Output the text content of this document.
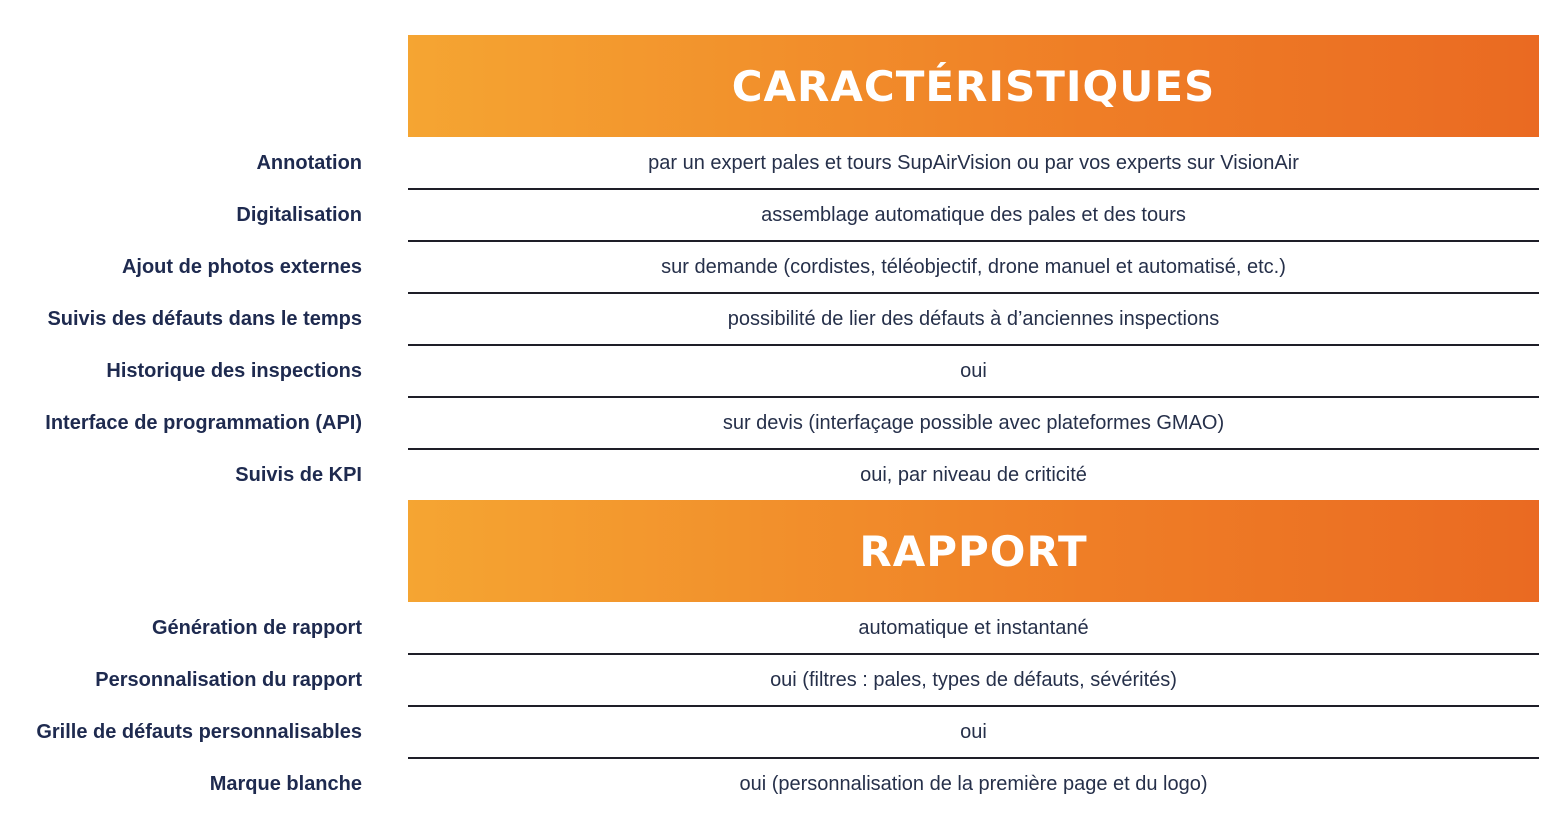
CARACTÉRISTIQUES
Annotation	par un expert pales et tours SupAirVision ou par vos experts sur VisionAir
Digitalisation	assemblage automatique des pales et des tours
Ajout de photos externes	sur demande (cordistes, téléobjectif, drone manuel et automatisé, etc.)
Suivis des défauts dans le temps	possibilité de lier des défauts à d’anciennes inspections
Historique des inspections	oui
Interface de programmation (API)	sur devis (interfaçage possible avec plateformes GMAO)
Suivis de KPI	oui, par niveau de criticité
RAPPORT
Génération de rapport	automatique et instantané
Personnalisation du rapport	oui (filtres : pales, types de défauts, sévérités)
Grille de défauts personnalisables	oui
Marque blanche	oui (personnalisation de la première page et du logo)
